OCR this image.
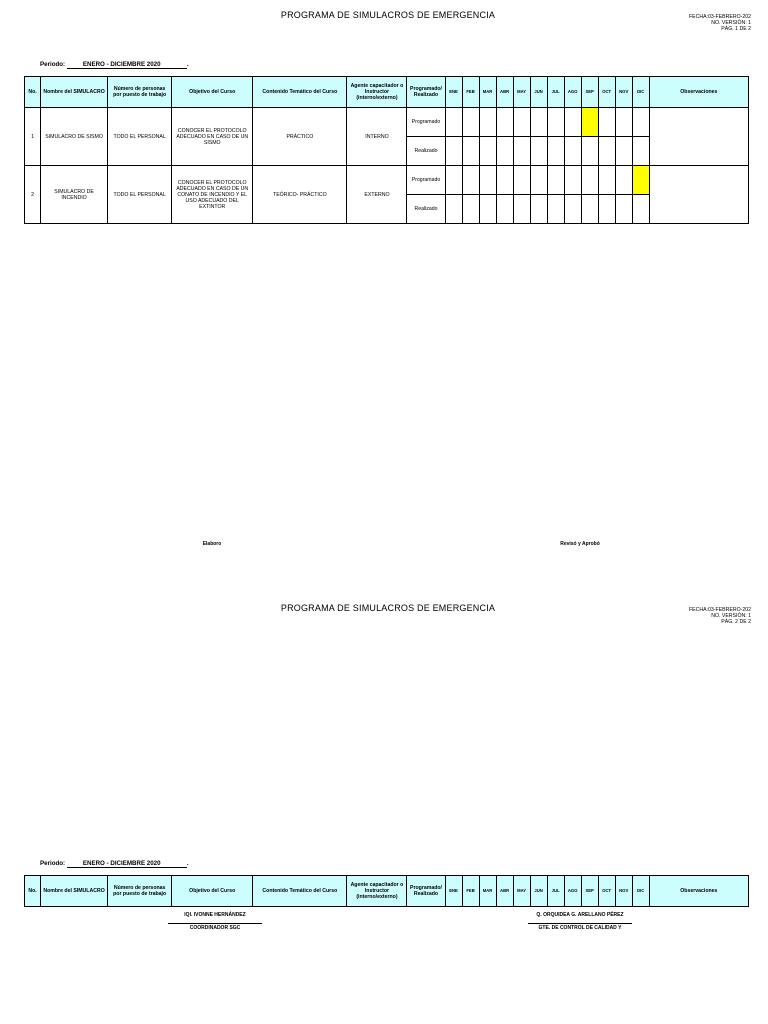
PROGRAMA DE SIMULACROS DE EMERGENCIA	FECHA:03-FEBRERO-202
NO. VERSIÓN: 1
PÁG. 1 DE 2
Periodo:	ENERO - DICIEMBRE 2020	.
No.	Nombre del SIMULACRO	Número de personas por puesto de trabajo	Objetivo del Curso	Contenido Temático del Curso	Agente capacitador o Instructor (interno/externo)	Programado/ Realizado	ENE	FEB	MAR	ABR	MAY	JUN	JUL	AGO	SEP	OCT	NOV	DIC	Observaciones
1	SIMULACRO DE SISMO	TODO EL PERSONAL	CONOCER EL PROTOCOLO ADECUADO EN CASO DE UN SISMO	PRÁCTICO	INTERNO	Programado													
						Realizado													
2	SIMULACRO DE INCENDIO	TODO EL PERSONAL	CONOCER EL PROTOCOLO ADECUADO EN CASO DE UN CONATO DE INCENDIO Y EL USO ADECUADO DEL EXTINTOR	TEÓRICO- PRÁCTICO	EXTERNO	Programado													
						Realizado													
Elaboro	Revisó y Aprobó
PROGRAMA DE SIMULACROS DE EMERGENCIA	FECHA:03-FEBRERO-202
NO. VERSIÓN: 1
PÁG. 2 DE 2
Periodo:	ENERO - DICIEMBRE 2020	.
No.	Nombre del SIMULACRO	Número de personas por puesto de trabajo	Objetivo del Curso	Contenido Temático del Curso	Agente capacitador o Instructor (interno/externo)	Programado/ Realizado	ENE	FEB	MAR	ABR	MAY	JUN	JUL	AGO	SEP	OCT	NOV	DIC	Observaciones
IQI. IVONNE HERNÁNDEZ
COORDINADOR SGC
Q. ORQUIDEA G. ARELLANO PÉREZ
GTE. DE CONTROL DE CALIDAD Y
